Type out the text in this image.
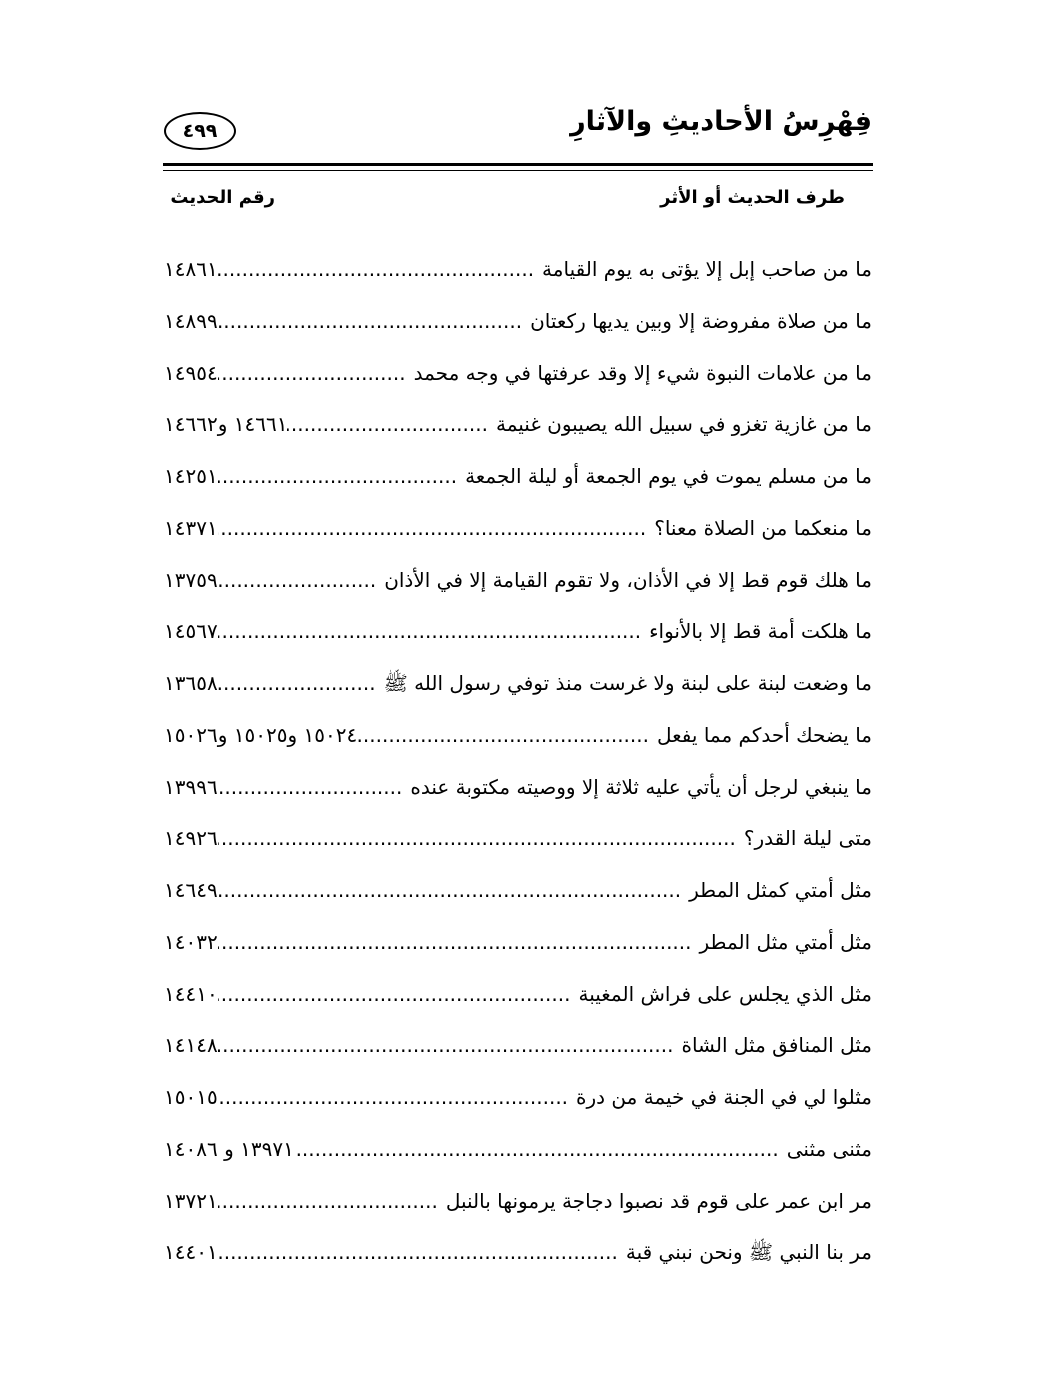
فِهْرِسُ الأحاديثِ والآثارِ
٤٩٩
طرف الحديث أو الأثر
رقم الحديث
ما من صاحب إبل إلا يؤتى به يوم القيامة
.....
١٤٨٦١
ما من صلاة مفروضة إلا وبين يديها ركعتان
.....
١٤٨٩٩
ما من علامات النبوة شيء إلا وقد عرفتها في وجه محمد
.....
١٤٩٥٤
ما من غازية تغزو في سبيل الله يصيبون غنيمة
.....
١٤٦٦١ و١٤٦٦٢
ما من مسلم يموت في يوم الجمعة أو ليلة الجمعة
.....
١٤٢٥١
ما منعكما من الصلاة معنا؟
.....
١٤٣٧١
ما هلك قوم قط إلا في الأذان، ولا تقوم القيامة إلا في الأذان
.....
١٣٧٥٩
ما هلكت أمة قط إلا بالأنواء
.....
١٤٥٦٧
ما وضعت لبنة على لبنة ولا غرست منذ توفي رسول الله ﷺ
.....
١٣٦٥٨
ما يضحك أحدكم مما يفعل
.....
١٥٠٢٤ و١٥٠٢٥ و١٥٠٢٦
ما ينبغي لرجل أن يأتي عليه ثلاثة إلا ووصيته مكتوبة عنده
.....
١٣٩٩٦
متى ليلة القدر؟
.....
١٤٩٢٦
مثل أمتي كمثل المطر
.....
١٤٦٤٩
مثل أمتي مثل المطر
.....
١٤٠٣٢
مثل الذي يجلس على فراش المغيبة
.....
١٤٤١٠
مثل المنافق مثل الشاة
.....
١٤١٤٨
مثلوا لي في الجنة في خيمة من درة
.....
١٥٠١٥
مثنى مثنى
.....
١٣٩٧١ و ١٤٠٨٦
مر ابن عمر على قوم قد نصبوا دجاجة يرمونها بالنبل
.....
١٣٧٢١
مر بنا النبي ﷺ ونحن نبني قبة
.....
١٤٤٠١
